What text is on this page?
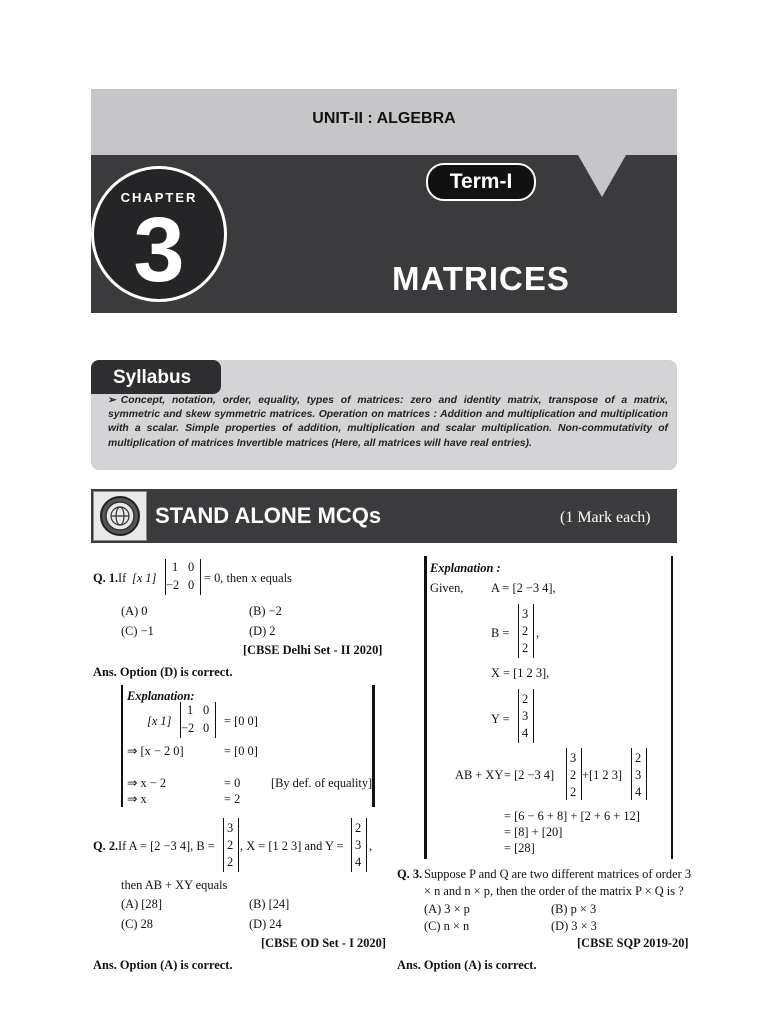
UNIT-II : ALGEBRA
Term-I
CHAPTER
3	MATRICES
Syllabus
➢ Concept, notation, order, equality, types of matrices: zero and identity matrix, transpose of a matrix, symmetric and skew symmetric matrices. Operation on matrices : Addition and multiplication and multiplication with a scalar. Simple properties of addition, multiplication and scalar multiplication. Non-commutativity of multiplication of matrices Invertible matrices (Here, all matrices will have real entries).
STAND ALONE MCQs	(1 Mark each)
Q. 1. If [x 1]
1 0
−2 0 = 0, then x equals
(A) 0	(B) −2
(C) −1	(D) 2
[CBSE Delhi Set - II 2020]
Ans. Option (D) is correct.
Explanation:
[x 1]
1 0
−2 0 = [0 0]
⇒ [x − 2 0]	= [0 0]
⇒ x − 2	= 0 [By def. of equality]
⇒ x	= 2
Q. 2. If A = [2 −3 4], B =
3
2
2
, X = [1 2 3] and Y =
2
3
4
,
then AB + XY equals
(A) [28]	(B) [24]
(C) 28	(D) 24
[CBSE OD Set - I 2020]
Ans. Option (A) is correct.
Explanation :
Given, A = [2 −3 4],
B =
3
2
2
,
X = [1 2 3],
Y =
2
3
4
AB + XY = [2 −3 4]
3
2
2
+[1 2 3]
2
3
4
= [6 − 6 + 8] + [2 + 6 + 12]
= [8] + [20]
= [28]
Q. 3. Suppose P and Q are two different matrices of order 3
× n and n × p, then the order of the matrix P × Q is ?
(A) 3 × p	(B) p × 3
(C) n × n	(D) 3 × 3
[CBSE SQP 2019-20]
Ans. Option (A) is correct.
